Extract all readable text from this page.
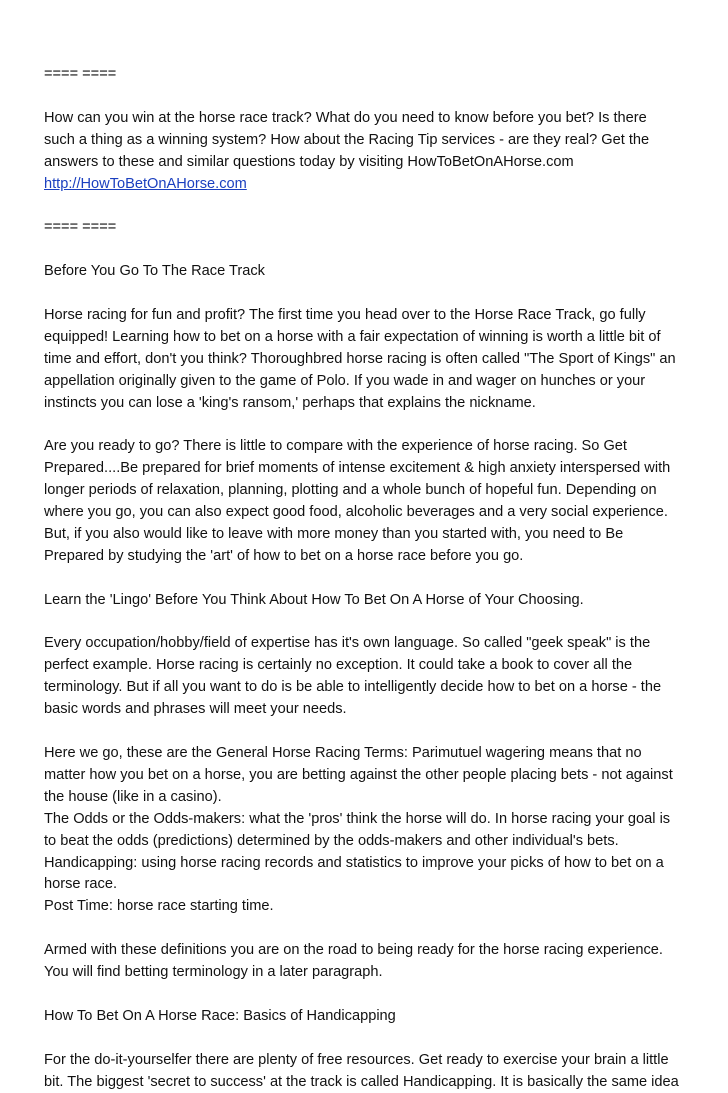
==== ====

How can you win at the horse race track? What do you need to know before you bet? Is there
such a thing as a winning system? How about the Racing Tip services - are they real? Get the
answers to these and similar questions today by visiting HowToBetOnAHorse.com
http://HowToBetOnAHorse.com

==== ====

Before You Go To The Race Track

Horse racing for fun and profit? The first time you head over to the Horse Race Track, go fully
equipped! Learning how to bet on a horse with a fair expectation of winning is worth a little bit of
time and effort, don't you think? Thoroughbred horse racing is often called "The Sport of Kings" an
appellation originally given to the game of Polo. If you wade in and wager on hunches or your
instincts you can lose a 'king's ransom,' perhaps that explains the nickname.

Are you ready to go? There is little to compare with the experience of horse racing. So Get
Prepared....Be prepared for brief moments of intense excitement & high anxiety interspersed with
longer periods of relaxation, planning, plotting and a whole bunch of hopeful fun. Depending on
where you go, you can also expect good food, alcoholic beverages and a very social experience.
But, if you also would like to leave with more money than you started with, you need to Be
Prepared by studying the 'art' of how to bet on a horse race before you go.

Learn the 'Lingo' Before You Think About How To Bet On A Horse of Your Choosing.

Every occupation/hobby/field of expertise has it's own language. So called "geek speak" is the
perfect example. Horse racing is certainly no exception. It could take a book to cover all the
terminology. But if all you want to do is be able to intelligently decide how to bet on a horse - the
basic words and phrases will meet your needs.

Here we go, these are the General Horse Racing Terms: Parimutuel wagering means that no
matter how you bet on a horse, you are betting against the other people placing bets - not against
the house (like in a casino).
The Odds or the Odds-makers: what the 'pros' think the horse will do. In horse racing your goal is
to beat the odds (predictions) determined by the odds-makers and other individual's bets.
Handicapping: using horse racing records and statistics to improve your picks of how to bet on a
horse race.
Post Time: horse race starting time.

Armed with these definitions you are on the road to being ready for the horse racing experience.
You will find betting terminology in a later paragraph.

How To Bet On A Horse Race: Basics of Handicapping

For the do-it-yourselfer there are plenty of free resources. Get ready to exercise your brain a little
bit. The biggest 'secret to success' at the track is called Handicapping. It is basically the same idea
